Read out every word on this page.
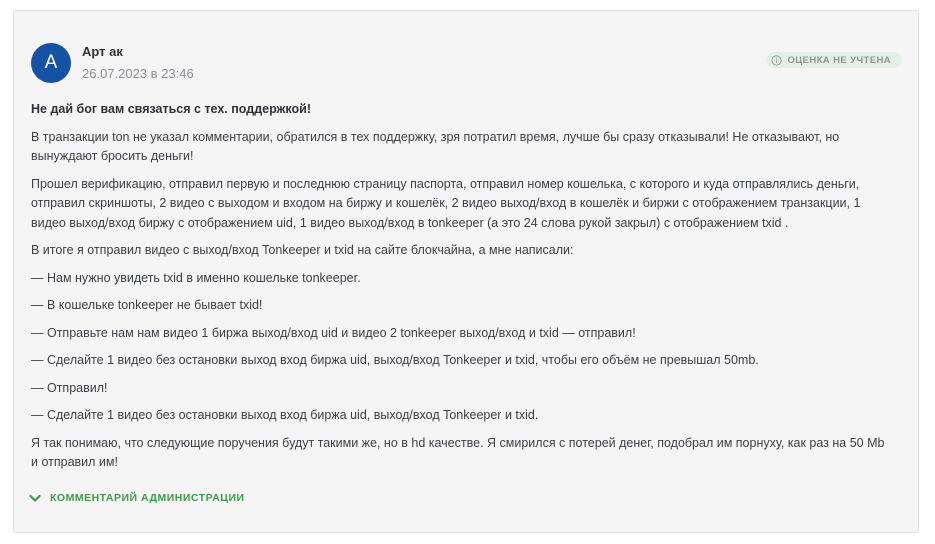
А
Арт ак
26.07.2023 в 23:46
ОЦЕНКА НЕ УЧТЕНА

Не дай бог вам связаться с тех. поддержкой!

В транзакции ton не указал комментарии, обратился в тех поддержку, зря потратил время, лучше бы сразу отказывали! Не отказывают, но вынуждают бросить деньги!

Прошел верификацию, отправил первую и последнюю страницу паспорта, отправил номер кошелька, с которого и куда отправлялись деньги, отправил скриншоты, 2 видео с выходом и входом на биржу и кошелёк, 2 видео выход/вход в кошелёк и биржи с отображением транзакции, 1 видео выход/вход биржу с отображением uid, 1 видео выход/вход в tonkeeper (а это 24 слова рукой закрыл) с отображением txid .

В итоге я отправил видео с выход/вход Tonkeeper и txid на сайте блокчайна, а мне написали:

— Нам нужно увидеть txid в именно кошельке tonkeeper.

— В кошельке tonkeeper не бывает txid!

— Отправьте нам нам видео 1 биржа выход/вход uid и видео 2 tonkeeper выход/вход и txid — отправил!

— Сделайте 1 видео без остановки выход вход биржа uid, выход/вход Tonkeeper и txid, чтобы его объём не превышал 50mb.

— Отправил!

— Сделайте 1 видео без остановки выход вход биржа uid, выход/вход Tonkeeper и txid.

Я так понимаю, что следующие поручения будут такими же, но в hd качестве. Я смирился с потерей денег, подобрал им порнуху, как раз на 50 Mb и отправил им!

КОММЕНТАРИЙ АДМИНИСТРАЦИИ
